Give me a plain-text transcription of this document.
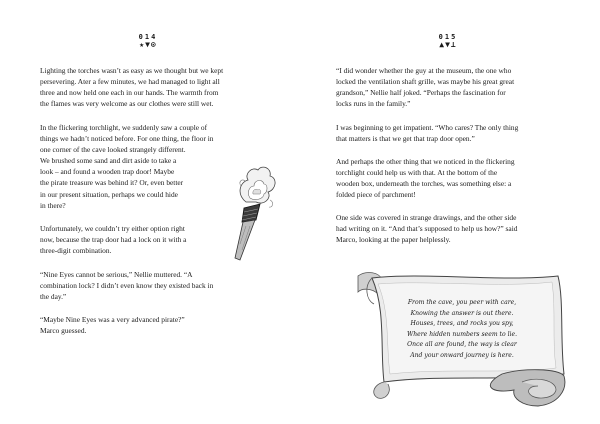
014
★▼⊙

Lighting the torches wasn’t as easy as we thought but we kept
persevering. Ater a few minutes, we had managed to light all
three and now held one each in our hands. The warmth from
the flames was very welcome as our clothes were still wet.

In the flickering torchlight, we suddenly saw a couple of
things we hadn’t noticed before. For one thing, the floor in
one corner of the cave looked strangely different.
We brushed some sand and dirt aside to take a
look – and found a wooden trap door! Maybe
the pirate treasure was behind it? Or, even better
in our present situation, perhaps we could hide
in there?

Unfortunately, we couldn’t try either option right
now, because the trap door had a lock on it with a
three-digit combination.

“Nine Eyes cannot be serious,” Nellie muttered. “A
combination lock? I didn’t even know they existed back in
the day.”

“Maybe Nine Eyes was a very advanced pirate?”
Marco guessed.

015
▲▼⊥

“I did wonder whether the guy at the museum, the one who
locked the ventilation shaft grille, was maybe his great great
grandson,” Nellie half joked. “Perhaps the fascination for
locks runs in the family.”

I was beginning to get impatient. “Who cares? The only thing
that matters is that we get that trap door open.”

And perhaps the other thing that we noticed in the flickering
torchlight could help us with that. At the bottom of the
wooden box, underneath the torches, was something else: a
folded piece of parchment!

One side was covered in strange drawings, and the other side
had writing on it. “And that’s supposed to help us how?” said
Marco, looking at the paper helplessly.

From the cave, you peer with care,
Knowing the answer is out there.
Houses, trees, and rocks you spy,
Where hidden numbers seem to lie.
Once all are found, the way is clear
And your onward journey is here.
